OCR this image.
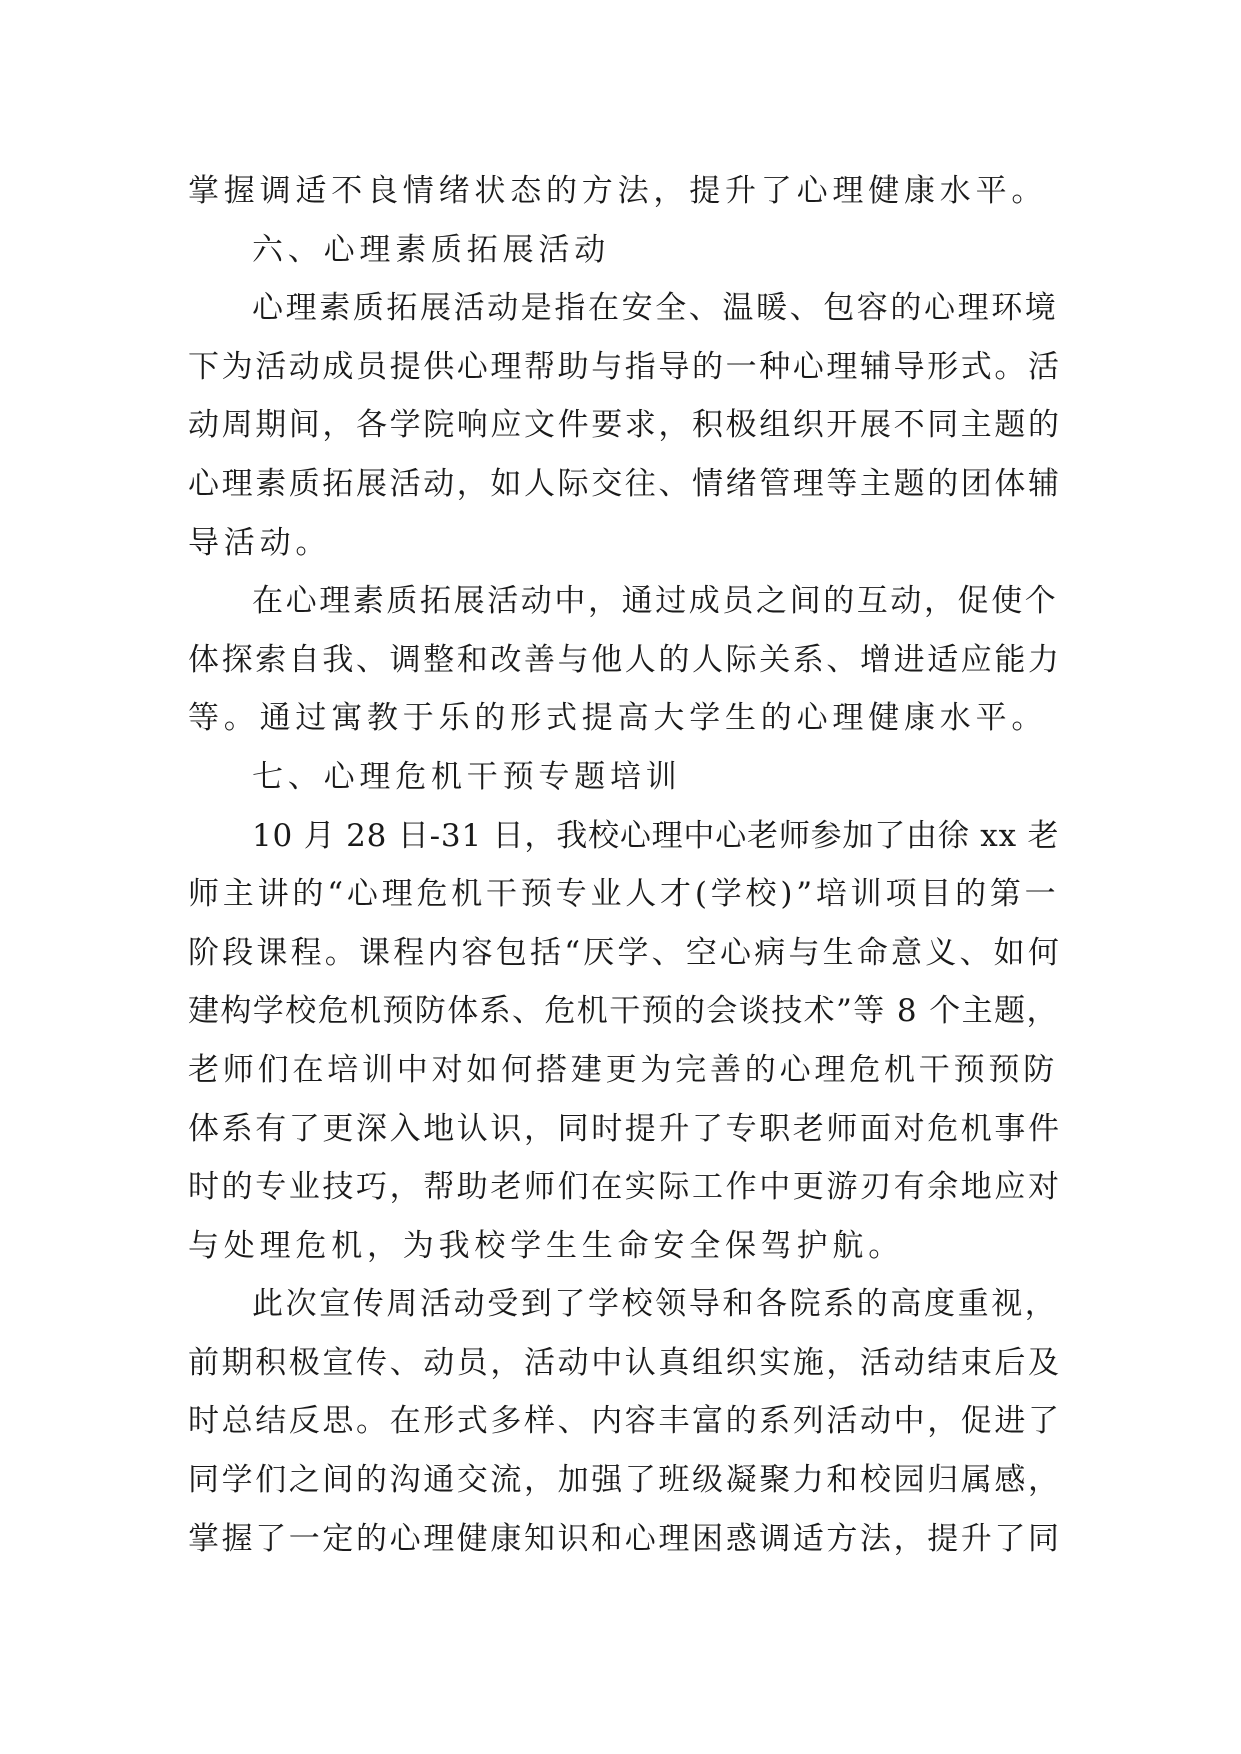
掌握调适不良情绪状态的方法，提升了心理健康水平。

六、心理素质拓展活动

心理素质拓展活动是指在安全、温暖、包容的心理环境

下为活动成员提供心理帮助与指导的一种心理辅导形式。活

动周期间，各学院响应文件要求，积极组织开展不同主题的

心理素质拓展活动，如人际交往、情绪管理等主题的团体辅

导活动。

在心理素质拓展活动中，通过成员之间的互动，促使个

体探索自我、调整和改善与他人的人际关系、增进适应能力

等。通过寓教于乐的形式提高大学生的心理健康水平。

七、心理危机干预专题培训

10 月 28 日-31 日，我校心理中心老师参加了由徐 xx 老

师主讲的“心理危机干预专业人才(学校)”培训项目的第一

阶段课程。课程内容包括“厌学、空心病与生命意义、如何

建构学校危机预防体系、危机干预的会谈技术”等 8 个主题，

老师们在培训中对如何搭建更为完善的心理危机干预预防

体系有了更深入地认识，同时提升了专职老师面对危机事件

时的专业技巧，帮助老师们在实际工作中更游刃有余地应对

与处理危机，为我校学生生命安全保驾护航。

此次宣传周活动受到了学校领导和各院系的高度重视，

前期积极宣传、动员，活动中认真组织实施，活动结束后及

时总结反思。在形式多样、内容丰富的系列活动中，促进了

同学们之间的沟通交流，加强了班级凝聚力和校园归属感，

掌握了一定的心理健康知识和心理困惑调适方法，提升了同
